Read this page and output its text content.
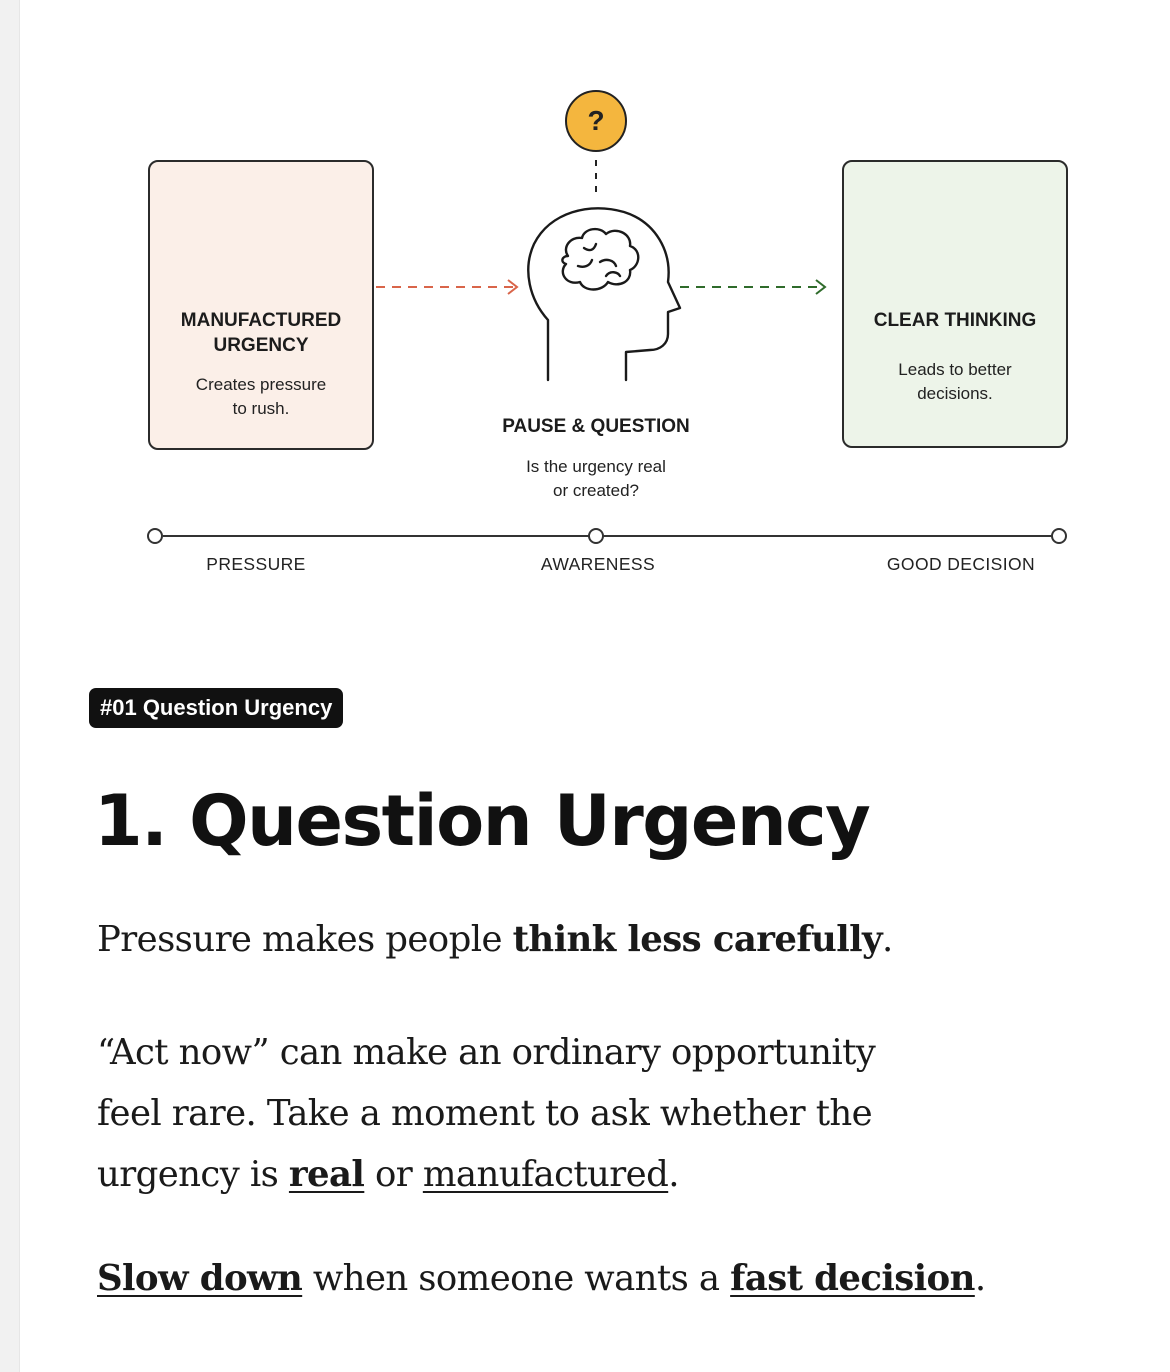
MANUFACTURED
URGENCY
Creates pressure
to rush.
CLEAR THINKING
Leads to better
decisions.
?
PAUSE & QUESTION
Is the urgency real
or created?
PRESSURE	AWARENESS	GOOD DECISION
#01 Question Urgency
1. Question Urgency

Pressure makes people think less carefully.

“Act now” can make an ordinary opportunity
feel rare. Take a moment to ask whether the
urgency is real or manufactured.

Slow down when someone wants a fast decision.
